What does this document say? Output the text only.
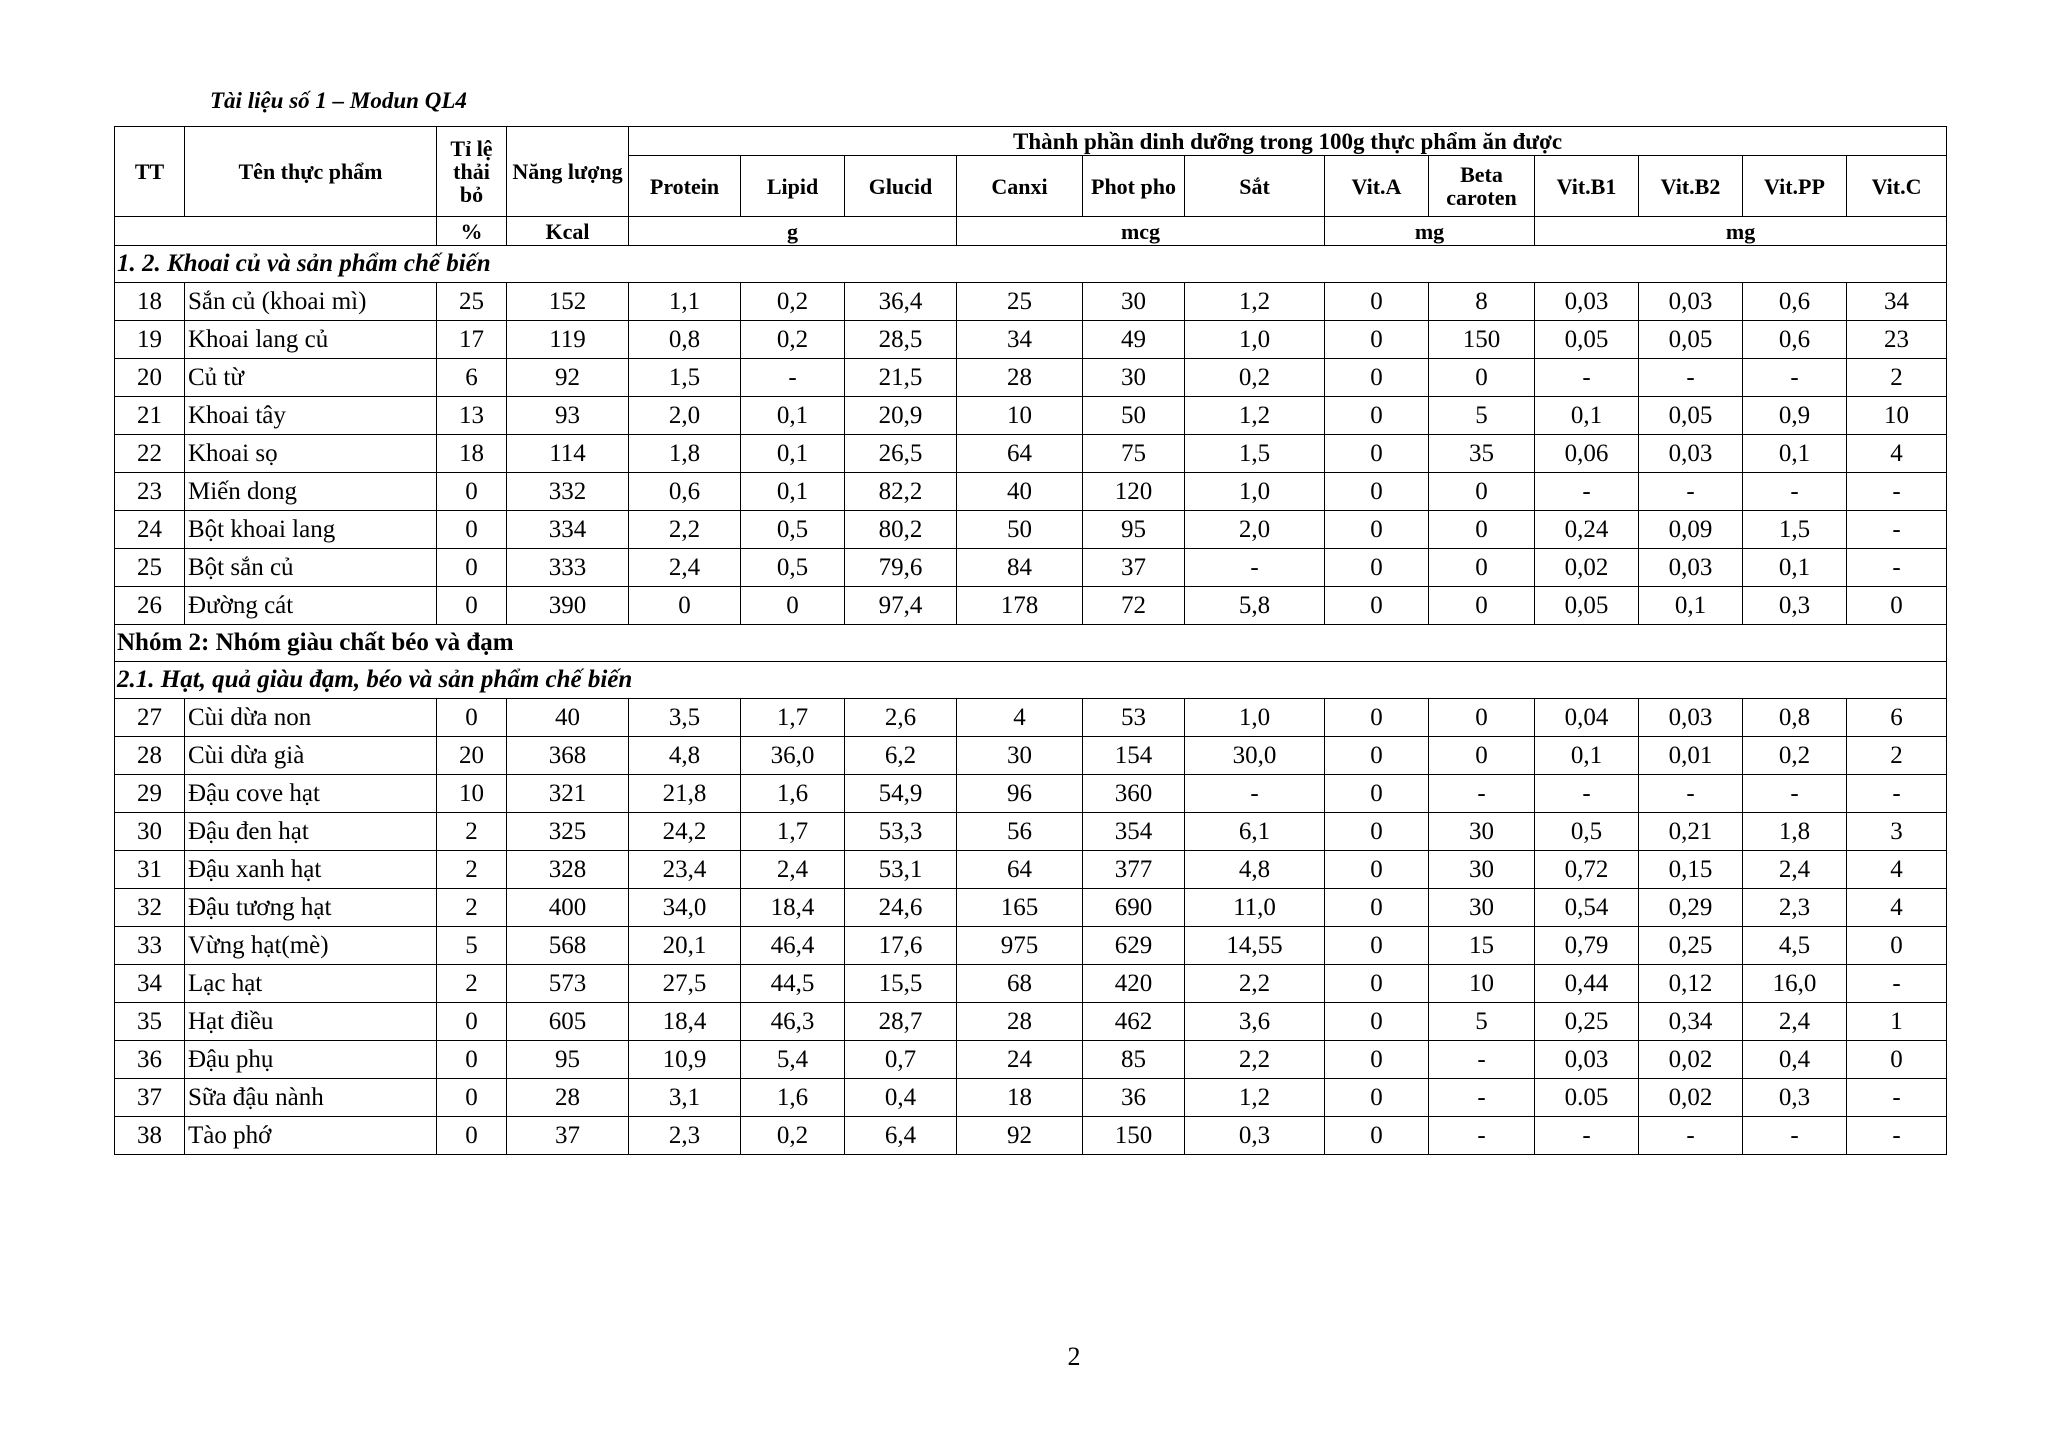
Tài liệu số 1 – Modun QL4
TT	Tên thực phẩm	Tỉ lệ thải bỏ	Năng lượng	Thành phần dinh dưỡng trong 100g thực phẩm ăn được											
				Protein	Lipid	Glucid	Canxi	Phot pho	Sắt	Vit.A	Beta caroten	Vit.B1	Vit.B2	Vit.PP	Vit.C
		%	Kcal	g			mcg			mg		mg			
1. 2. Khoai củ và sản phẩm chế biến															
18	Sắn củ (khoai mì)	25	152	1,1	0,2	36,4	25	30	1,2	0	8	0,03	0,03	0,6	34
19	Khoai lang củ	17	119	0,8	0,2	28,5	34	49	1,0	0	150	0,05	0,05	0,6	23
20	Củ từ	6	92	1,5	-	21,5	28	30	0,2	0	0	-	-	-	2
21	Khoai tây	13	93	2,0	0,1	20,9	10	50	1,2	0	5	0,1	0,05	0,9	10
22	Khoai sọ	18	114	1,8	0,1	26,5	64	75	1,5	0	35	0,06	0,03	0,1	4
23	Miến dong	0	332	0,6	0,1	82,2	40	120	1,0	0	0	-	-	-	-
24	Bột khoai lang	0	334	2,2	0,5	80,2	50	95	2,0	0	0	0,24	0,09	1,5	-
25	Bột sắn củ	0	333	2,4	0,5	79,6	84	37	-	0	0	0,02	0,03	0,1	-
26	Đường cát	0	390	0	0	97,4	178	72	5,8	0	0	0,05	0,1	0,3	0
Nhóm 2: Nhóm giàu chất béo và đạm															
2.1. Hạt, quả giàu đạm, béo và sản phẩm chế biến															
27	Cùi dừa non	0	40	3,5	1,7	2,6	4	53	1,0	0	0	0,04	0,03	0,8	6
28	Cùi dừa già	20	368	4,8	36,0	6,2	30	154	30,0	0	0	0,1	0,01	0,2	2
29	Đậu cove hạt	10	321	21,8	1,6	54,9	96	360	-	0	-	-	-	-	-
30	Đậu đen hạt	2	325	24,2	1,7	53,3	56	354	6,1	0	30	0,5	0,21	1,8	3
31	Đậu xanh hạt	2	328	23,4	2,4	53,1	64	377	4,8	0	30	0,72	0,15	2,4	4
32	Đậu tương hạt	2	400	34,0	18,4	24,6	165	690	11,0	0	30	0,54	0,29	2,3	4
33	Vừng hạt(mè)	5	568	20,1	46,4	17,6	975	629	14,55	0	15	0,79	0,25	4,5	0
34	Lạc hạt	2	573	27,5	44,5	15,5	68	420	2,2	0	10	0,44	0,12	16,0	-
35	Hạt điều	0	605	18,4	46,3	28,7	28	462	3,6	0	5	0,25	0,34	2,4	1
36	Đậu phụ	0	95	10,9	5,4	0,7	24	85	2,2	0	-	0,03	0,02	0,4	0
37	Sữa đậu nành	0	28	3,1	1,6	0,4	18	36	1,2	0	-	0.05	0,02	0,3	-
38	Tào phớ	0	37	2,3	0,2	6,4	92	150	0,3	0	-	-	-	-	-
2
